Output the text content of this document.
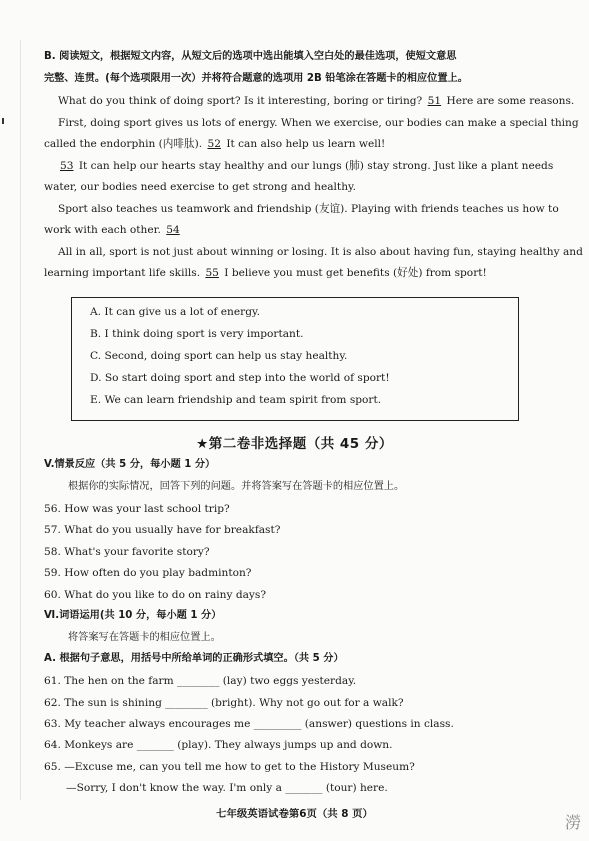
B. 阅读短文，根据短文内容，从短文后的选项中选出能填入空白处的最佳选项，使短文意思
完整、连贯。(每个选项限用一次）并将符合题意的选项用 2B 铅笔涂在答题卡的相应位置上。
What do you think of doing sport? Is it interesting, boring or tiring? 51 Here are some reasons.
First, doing sport gives us lots of energy. When we exercise, our bodies can make a special thing
called the endorphin (内啡肽). 52 It can also help us learn well!
53 It can help our hearts stay healthy and our lungs (肺) stay strong. Just like a plant needs
water, our bodies need exercise to get strong and healthy.
Sport also teaches us teamwork and friendship (友谊). Playing with friends teaches us how to
work with each other. 54
All in all, sport is not just about winning or losing. It is also about having fun, staying healthy and
learning important life skills. 55 I believe you must get benefits (好处) from sport!
A. It can give us a lot of energy.
B. I think doing sport is very important.
C. Second, doing sport can help us stay healthy.
D. So start doing sport and step into the world of sport!
E. We can learn friendship and team spirit from sport.
★第二卷非选择题（共 45 分）
V.情景反应（共 5 分，每小题 1 分）
根据你的实际情况，回答下列的问题。并将答案写在答题卡的相应位置上。
56. How was your last school trip?
57. What do you usually have for breakfast?
58. What's your favorite story?
59. How often do you play badminton?
60. What do you like to do on rainy days?
Ⅵ.词语运用(共 10 分，每小题 1 分）
将答案写在答题卡的相应位置上。
A. 根据句子意思，用括号中所给单词的正确形式填空。（共 5 分）
61. The hen on the farm ________ (lay) two eggs yesterday.
62. The sun is shining ________ (bright). Why not go out for a walk?
63. My teacher always encourages me _________ (answer) questions in class.
64. Monkeys are _______ (play). They always jumps up and down.
65. —Excuse me, can you tell me how to get to the History Museum?
—Sorry, I don't know the way. I'm only a _______ (tour) here.
七年级英语试卷第6页（共 8 页）	澇
